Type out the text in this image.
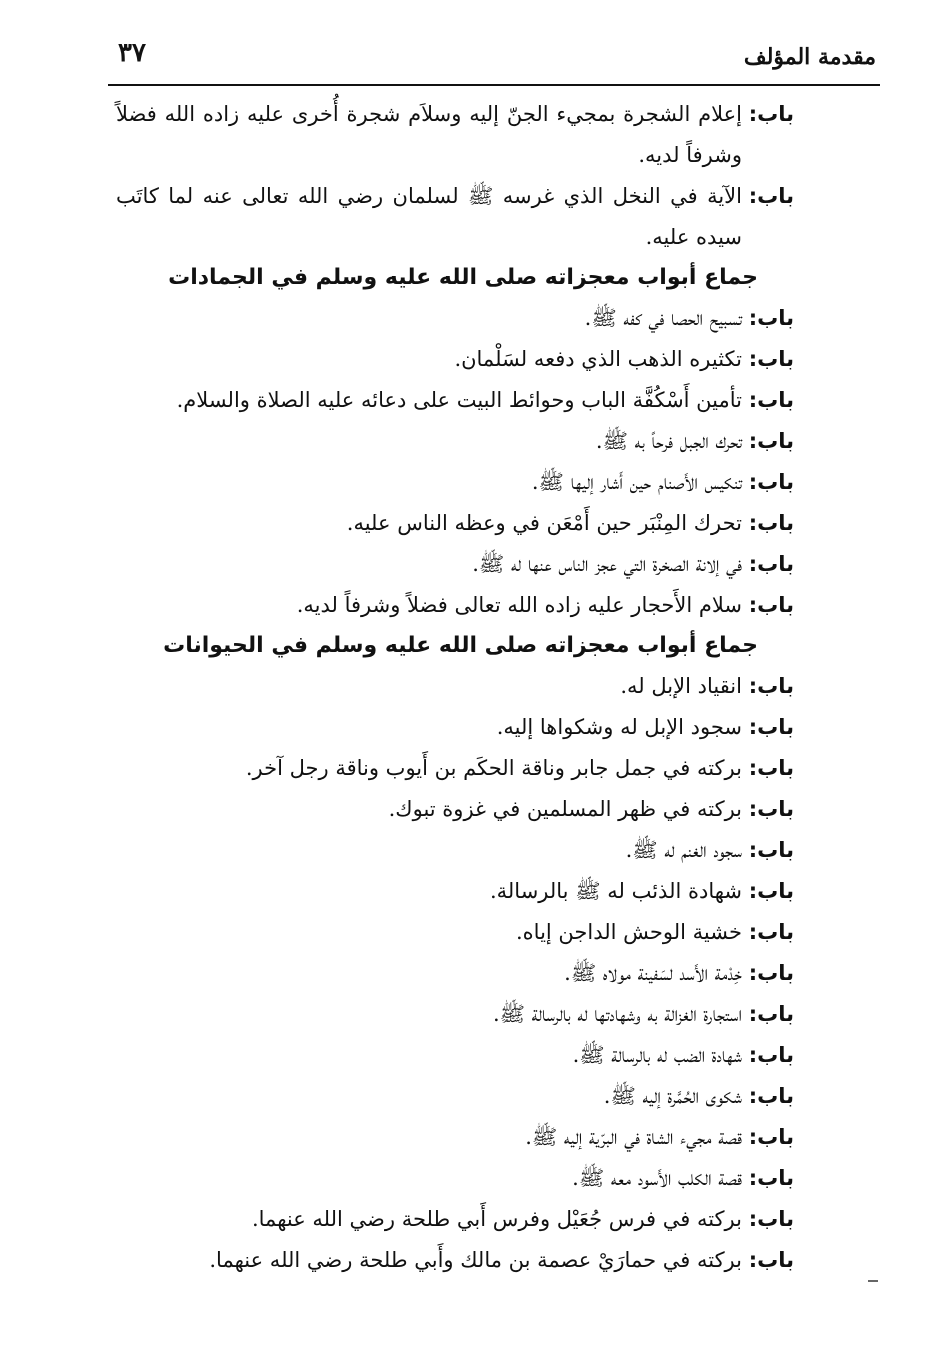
مقدمة المؤلف
٣٧
باب:
إعلام الشجرة بمجيء الجنّ إليه وسلاَم شجرة أُخرى عليه زاده الله فضلاً وشرفاً لديه.
باب:
الآية في النخل الذي غرسه ﷺ لسلمان رضي الله تعالى عنه لما كاتَب سيده عليه.
جماع أبواب معجزاته صلى الله عليه وسلم في الجمادات
باب:
تسبيح الحصا في كفه ﷺ.
باب:
تكثيره الذهب الذي دفعه لسَلْمان.
باب:
تأمين أَسْكُفَّة الباب وحوائط البيت على دعائه عليه الصلاة والسلام.
باب:
تحرك الجبل فرحاً به ﷺ.
باب:
تنكيس الأَصنام حين أَشار إليها ﷺ.
باب:
تحرك المِنْبَر حين أَمْعَن في وعظه الناس عليه.
باب:
في إلانة الصخرة التي عجز الناس عنها له ﷺ.
باب:
سلام الأَحجار عليه زاده الله تعالى فضلاً وشرفاً لديه.
جماع أبواب معجزاته صلى الله عليه وسلم في الحيوانات
باب:
انقياد الإبل له.
باب:
سجود الإبل له وشكواها إليه.
باب:
بركته في جمل جابر وناقة الحكَم بن أَيوب وناقة رجل آخر.
باب:
بركته في ظهر المسلمين في غزوة تبوك.
باب:
سجود الغنم له ﷺ.
باب:
شهادة الذئب له ﷺ بالرسالة.
باب:
خشية الوحش الداجن إياه.
باب:
خِدْمة الأَسد لسَفينة مولاه ﷺ.
باب:
استجارة الغزالة به وشهادتها له بالرسالة ﷺ.
باب:
شهادة الضب له بالرسالة ﷺ.
باب:
شكوى الحُمَّرة إليه ﷺ.
باب:
قصة مجيء الشاة في البرّية إليه ﷺ.
باب:
قصة الكلب الأَسود معه ﷺ.
باب:
بركته في فرس جُعَيْل وفرس أَبي طلحة رضي الله عنهما.
باب:
بركته في حمارَيْ عصمة بن مالك وأَبي طلحة رضي الله عنهما.
